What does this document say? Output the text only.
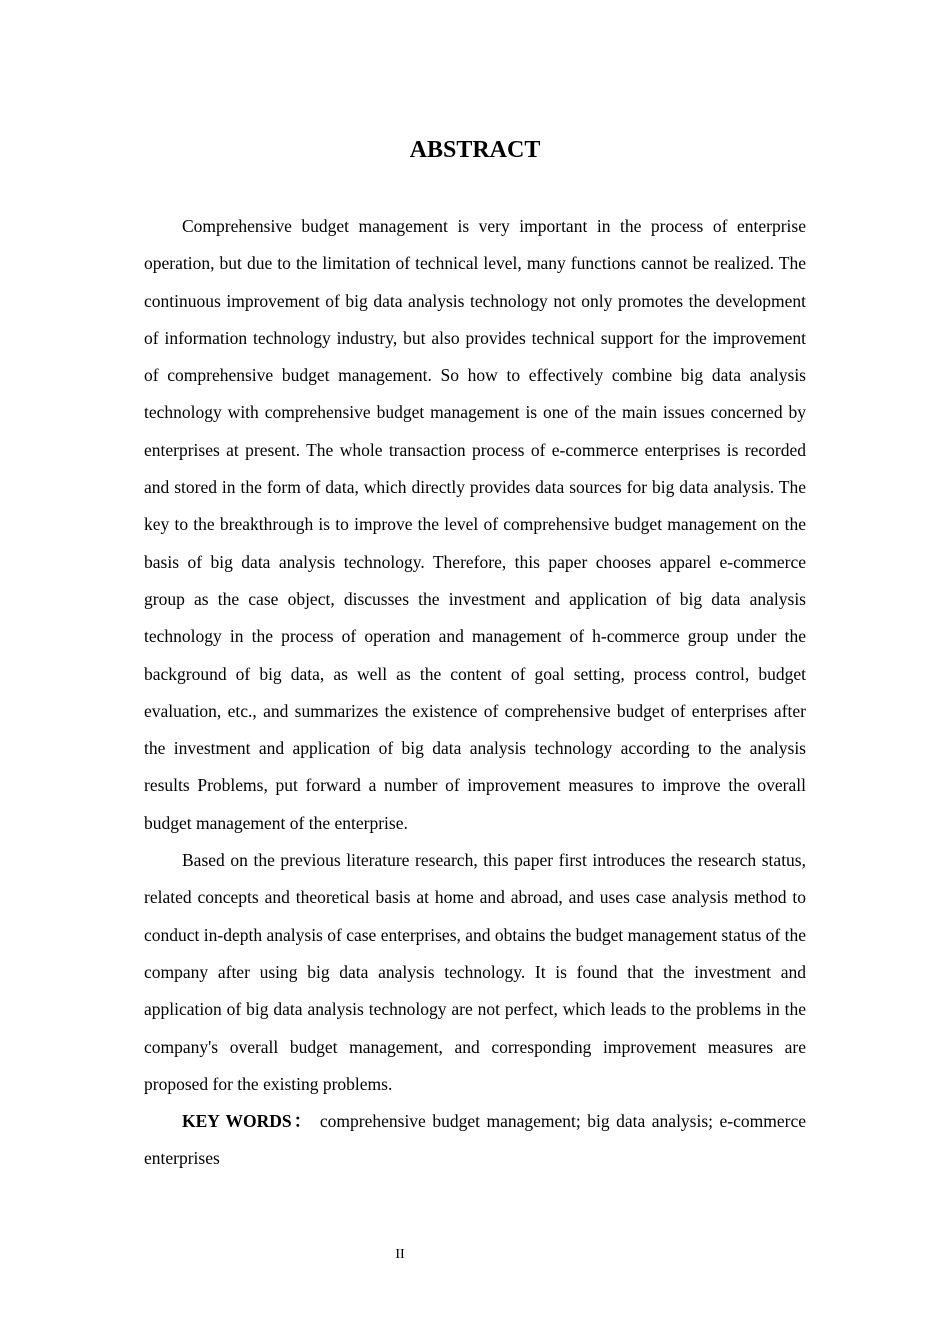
ABSTRACT

Comprehensive budget management is very important in the process of enterprise operation, but due to the limitation of technical level, many functions cannot be realized. The continuous improvement of big data analysis technology not only promotes the development of information technology industry, but also provides technical support for the improvement of comprehensive budget management. So how to effectively combine big data analysis technology with comprehensive budget management is one of the main issues concerned by enterprises at present. The whole transaction process of e-commerce enterprises is recorded and stored in the form of data, which directly provides data sources for big data analysis. The key to the breakthrough is to improve the level of comprehensive budget management on the basis of big data analysis technology. Therefore, this paper chooses apparel e-commerce group as the case object, discusses the investment and application of big data analysis technology in the process of operation and management of h-commerce group under the background of big data, as well as the content of goal setting, process control, budget evaluation, etc., and summarizes the existence of comprehensive budget of enterprises after the investment and application of big data analysis technology according to the analysis results Problems, put forward a number of improvement measures to improve the overall budget management of the enterprise.

Based on the previous literature research, this paper first introduces the research status, related concepts and theoretical basis at home and abroad, and uses case analysis method to conduct in-depth analysis of case enterprises, and obtains the budget management status of the company after using big data analysis technology. It is found that the investment and application of big data analysis technology are not perfect, which leads to the problems in the company's overall budget management, and corresponding improvement measures are proposed for the existing problems.

KEY WORDS： comprehensive budget management; big data analysis; e-commerce enterprises

II
